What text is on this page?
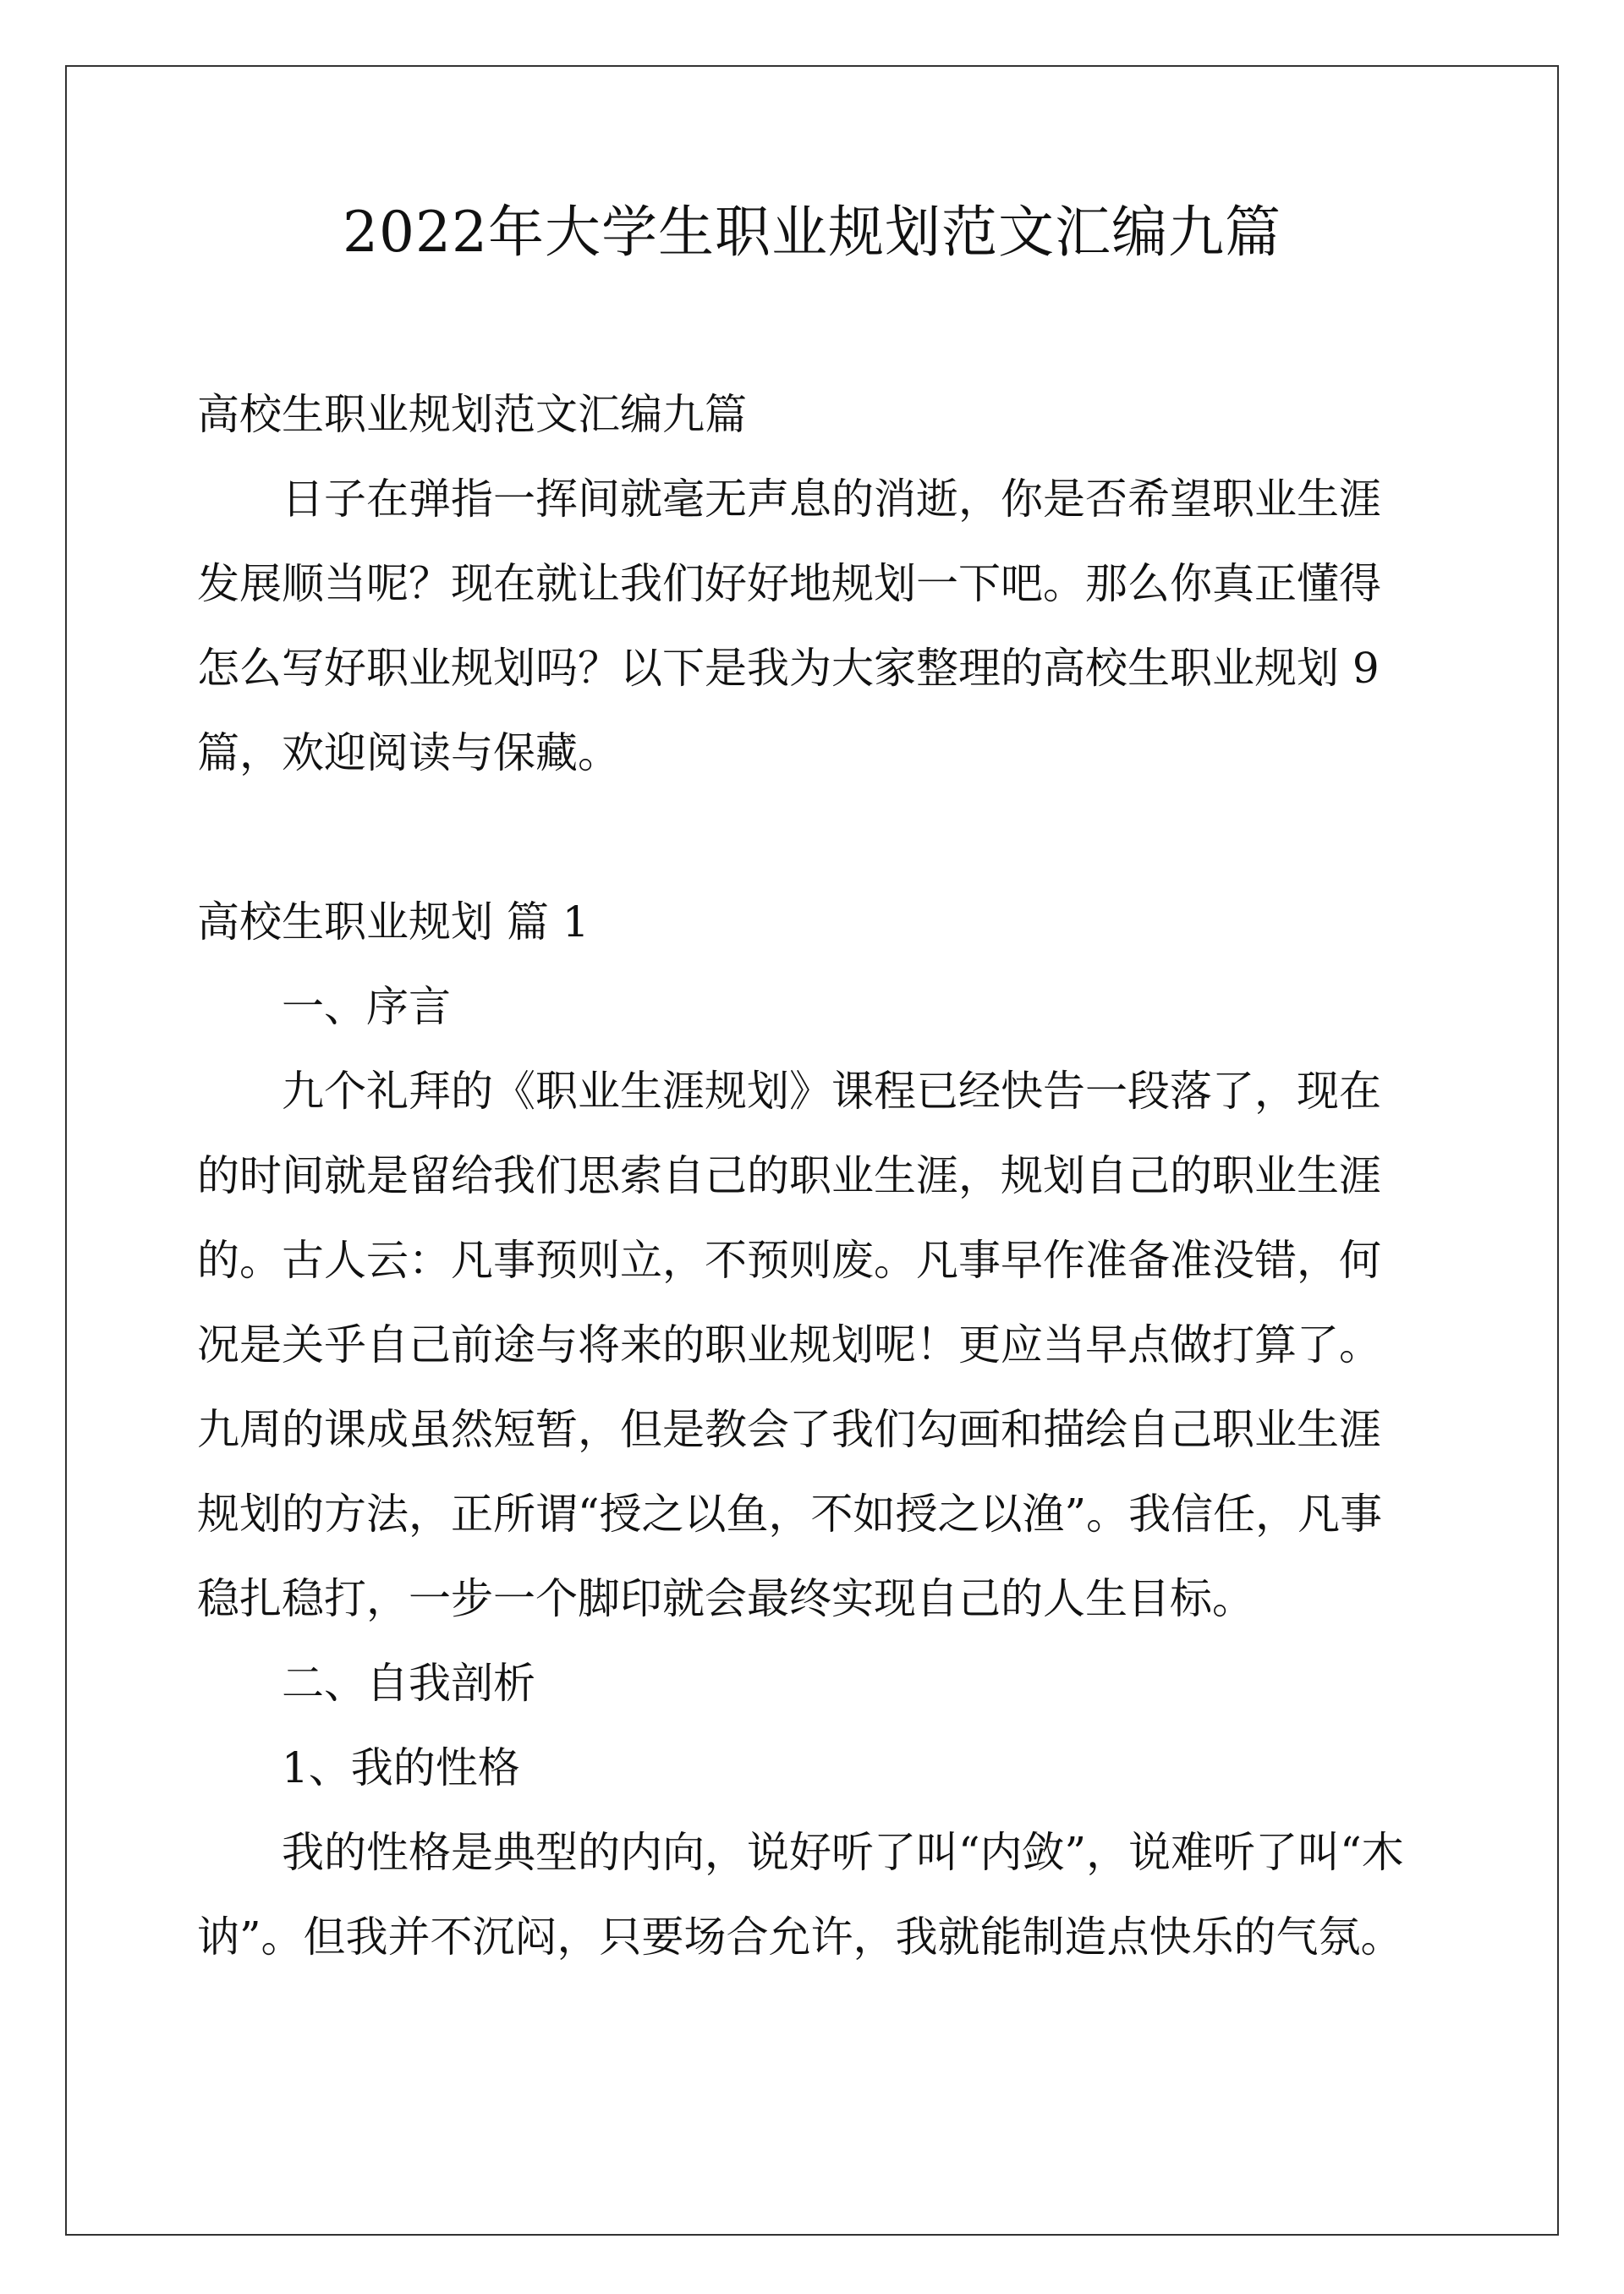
2022年大学生职业规划范文汇编九篇

高校生职业规划范文汇编九篇

日子在弹指一挥间就毫无声息的消逝，你是否希望职业生涯

发展顺当呢？现在就让我们好好地规划一下吧。那么你真正懂得

怎么写好职业规划吗？以下是我为大家整理的高校生职业规划 9

篇，欢迎阅读与保藏。

高校生职业规划 篇 1

一、序言

九个礼拜的《职业生涯规划》课程已经快告一段落了，现在

的时间就是留给我们思索自己的职业生涯，规划自己的职业生涯

的。古人云：凡事预则立，不预则废。凡事早作准备准没错，何

况是关乎自己前途与将来的职业规划呢！更应当早点做打算了。

九周的课成虽然短暂，但是教会了我们勾画和描绘自己职业生涯

规划的方法，正所谓“授之以鱼，不如授之以渔”。我信任，凡事

稳扎稳打，一步一个脚印就会最终实现自己的人生目标。

二、自我剖析

1、我的性格

我的性格是典型的内向，说好听了叫“内敛”，说难听了叫“木

讷”。但我并不沉闷，只要场合允许，我就能制造点快乐的气氛。
